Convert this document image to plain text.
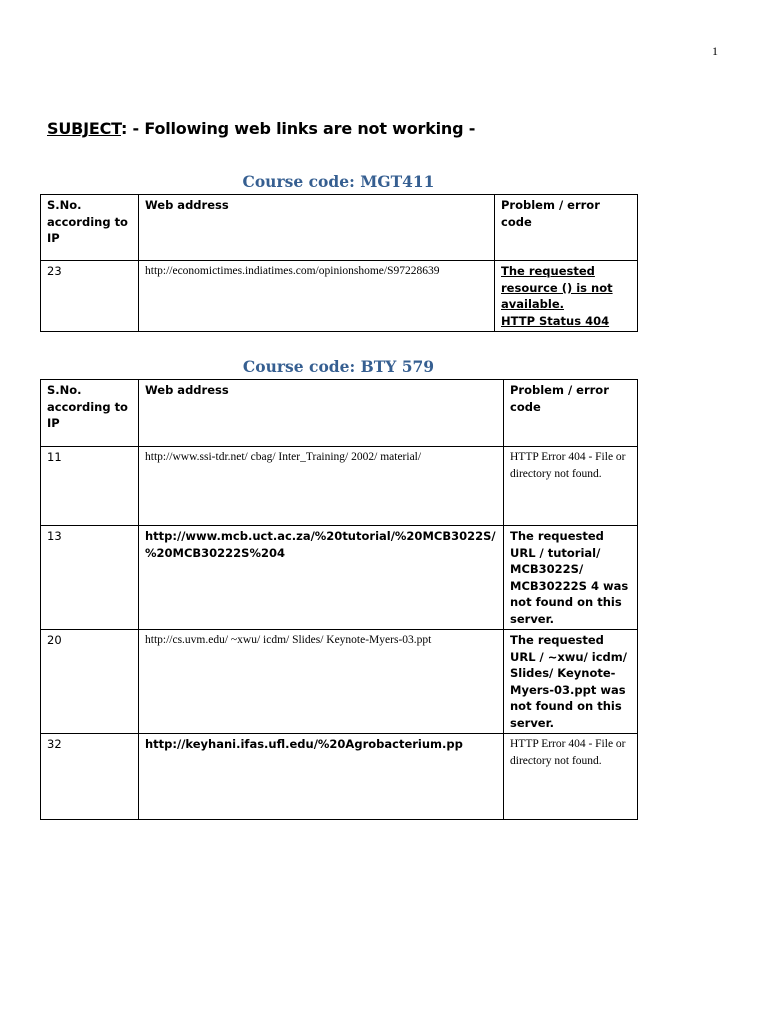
1
SUBJECT: - Following web links are not working -
Course code: MGT411
S.No. according to IP	Web address	Problem / error code
23	http://economictimes.indiatimes.com/opinionshome/S97228639	The requested resource () is not available.
HTTP Status 404
Course code: BTY 579
S.No. according to IP	Web address	Problem / error code
11	http://www.ssi-tdr.net/ cbag/ Inter_Training/ 2002/ material/	HTTP Error 404 - File or directory not found.
13	http://www.mcb.uct.ac.za/%20tutorial/%20MCB3022S/ %20MCB30222S%204	The requested URL / tutorial/ MCB3022S/ MCB30222S 4 was not found on this server.
20	http://cs.uvm.edu/ ~xwu/ icdm/ Slides/ Keynote-Myers-03.ppt	The requested URL / ~xwu/ icdm/ Slides/ Keynote-Myers-03.ppt was not found on this server.
32	http://keyhani.ifas.ufl.edu/%20Agrobacterium.pp	HTTP Error 404 - File or directory not found.
